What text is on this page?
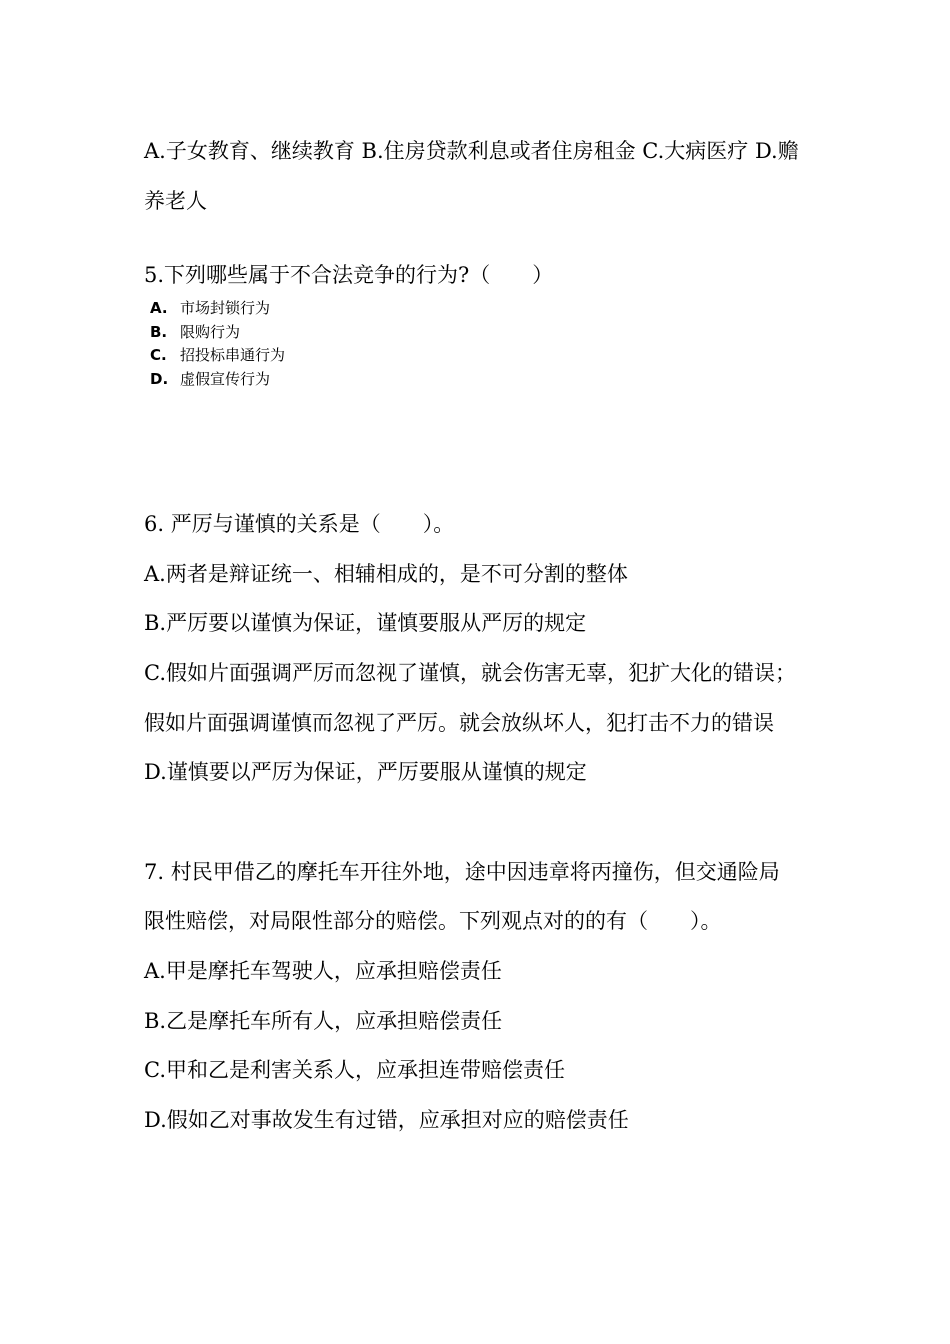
A.子女教育、继续教育 B.住房贷款利息或者住房租金 C.大病医疗 D.赡
养老人
5.下列哪些属于不合法竞争的行为?（　　）
A. 市场封锁行为
B. 限购行为
C. 招投标串通行为
D. 虚假宣传行为
6. 严厉与谨慎的关系是（　　）。
A.两者是辩证统一、相辅相成的，是不可分割的整体
B.严厉要以谨慎为保证，谨慎要服从严厉的规定
C.假如片面强调严厉而忽视了谨慎，就会伤害无辜，犯扩大化的错误；
假如片面强调谨慎而忽视了严厉。就会放纵坏人，犯打击不力的错误
D.谨慎要以严厉为保证，严厉要服从谨慎的规定
7. 村民甲借乙的摩托车开往外地，途中因违章将丙撞伤，但交通险局
限性赔偿，对局限性部分的赔偿。下列观点对的的有（　　）。
A.甲是摩托车驾驶人，应承担赔偿责任
B.乙是摩托车所有人，应承担赔偿责任
C.甲和乙是利害关系人，应承担连带赔偿责任
D.假如乙对事故发生有过错，应承担对应的赔偿责任
